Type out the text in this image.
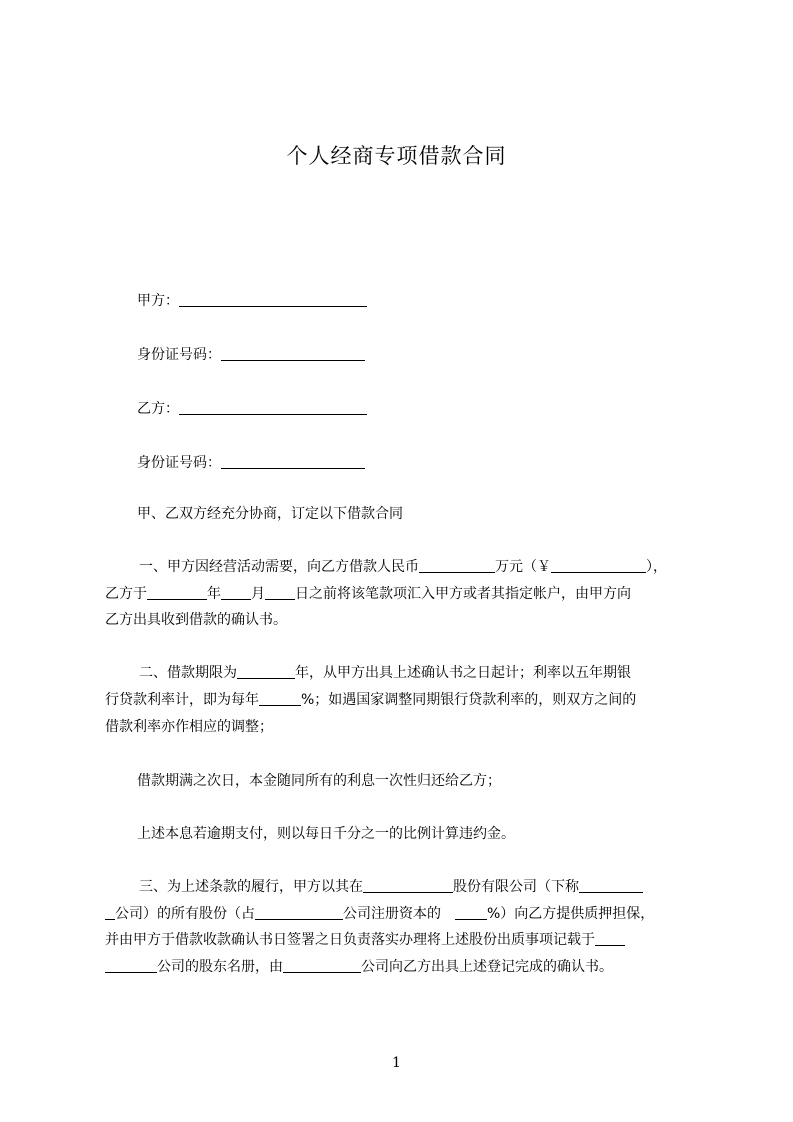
个人经商专项借款合同
甲方：
身份证号码：
乙方：
身份证号码：
甲、乙双方经充分协商，订定以下借款合同
一、甲方因经营活动需要，向乙方借款人民币	万元（￥	），
乙方于	年 月 日之前将该笔款项汇入甲方或者其指定帐户，由甲方向
乙方出具收到借款的确认书。
二、借款期限为	年，从甲方出具上述确认书之日起计；利率以五年期银
行贷款利率计，即为每年	%；如遇国家调整同期银行贷款利率的，则双方之间的
借款利率亦作相应的调整；
借款期满之次日，本金随同所有的利息一次性归还给乙方；
上述本息若逾期支付，则以每日千分之一的比例计算违约金。
三、为上述条款的履行，甲方以其在	股份有限公司（下称
公司）的所有股份（占	公司注册资本的	%）向乙方提供质押担保，
并由甲方于借款收款确认书日签署之日负责落实办理将上述股份出质事项记载于
公司的股东名册，由	公司向乙方出具上述登记完成的确认书。
1
